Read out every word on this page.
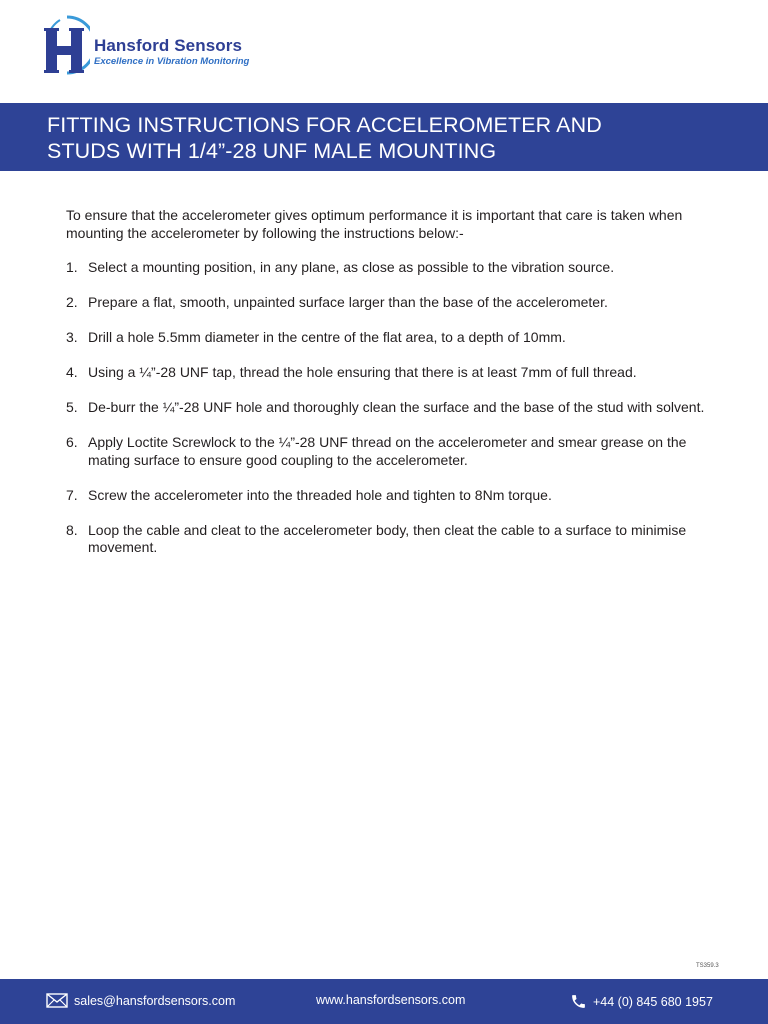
Hansford Sensors
Excellence in Vibration Monitoring
FITTING INSTRUCTIONS FOR ACCELEROMETER AND
STUDS WITH 1/4”-28 UNF MALE MOUNTING

To ensure that the accelerometer gives optimum performance it is important that care is taken when mounting the accelerometer by following the instructions below:-

1. Select a mounting position, in any plane, as close as possible to the vibration source.
2. Prepare a flat, smooth, unpainted surface larger than the base of the accelerometer.
3. Drill a hole 5.5mm diameter in the centre of the flat area, to a depth of 10mm.
4. Using a ¼”-28 UNF tap, thread the hole ensuring that there is at least 7mm of full thread.
5. De-burr the ¼”-28 UNF hole and thoroughly clean the surface and the base of the stud with solvent.
6. Apply Loctite Screwlock to the ¼”-28 UNF thread on the accelerometer and smear grease on the mating surface to ensure good coupling to the accelerometer.
7. Screw the accelerometer into the threaded hole and tighten to 8Nm torque.
8. Loop the cable and cleat to the accelerometer body, then cleat the cable to a surface to minimise movement.
TS359.3
sales@hansfordsensors.com	www.hansfordsensors.com	+44 (0) 845 680 1957
